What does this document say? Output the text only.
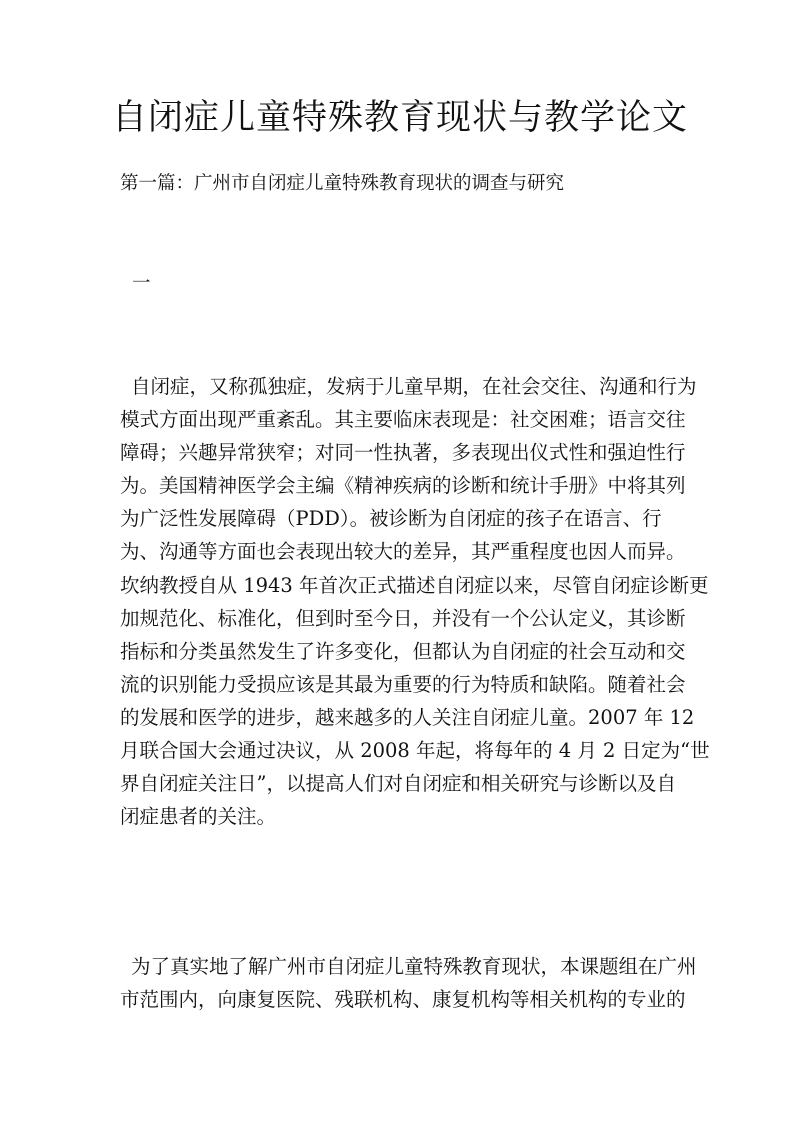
自闭症儿童特殊教育现状与教学论文
第一篇：广州市自闭症儿童特殊教育现状的调查与研究
一
自闭症，又称孤独症，发病于儿童早期，在社会交往、沟通和行为
模式方面出现严重紊乱。其主要临床表现是：社交困难；语言交往
障碍；兴趣异常狭窄；对同一性执著，多表现出仪式性和强迫性行
为。美国精神医学会主编《精神疾病的诊断和统计手册》中将其列
为广泛性发展障碍（PDD）。被诊断为自闭症的孩子在语言、行
为、沟通等方面也会表现出较大的差异，其严重程度也因人而异。
坎纳教授自从 1943 年首次正式描述自闭症以来，尽管自闭症诊断更
加规范化、标准化，但到时至今日，并没有一个公认定义，其诊断
指标和分类虽然发生了许多变化，但都认为自闭症的社会互动和交
流的识别能力受损应该是其最为重要的行为特质和缺陷。随着社会
的发展和医学的进步，越来越多的人关注自闭症儿童。2007 年 12
月联合国大会通过决议，从 2008 年起，将每年的 4 月 2 日定为“世
界自闭症关注日”，以提高人们对自闭症和相关研究与诊断以及自
闭症患者的关注。
为了真实地了解广州市自闭症儿童特殊教育现状，本课题组在广州
市范围内，向康复医院、残联机构、康复机构等相关机构的专业的
